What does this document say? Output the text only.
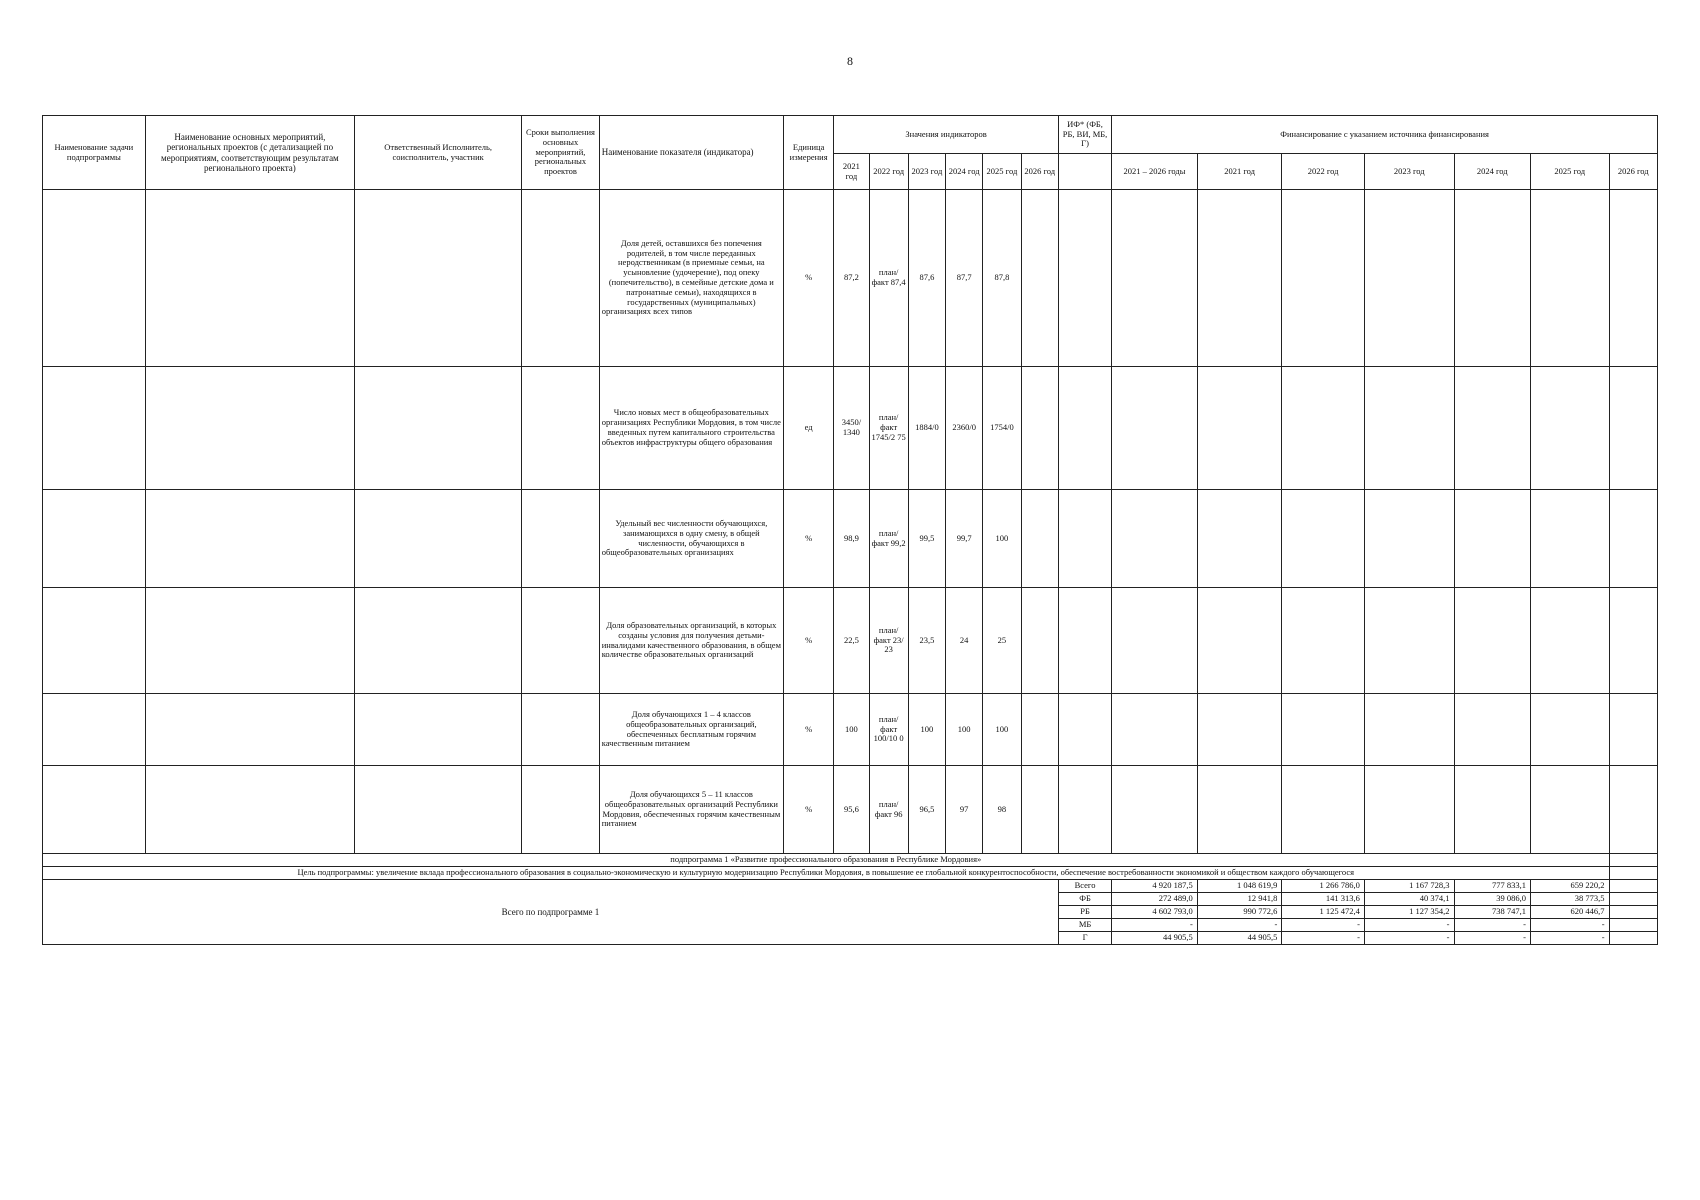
8
Наименование задачи подпрограммы	Наименование основных мероприятий, региональных проектов (с детализацией по мероприятиям, соответствующим результатам регионального проекта)	Ответственный Исполнитель, соисполнитель, участник	Сроки выполнения основных мероприятий, региональных проектов	Наименование показателя (индикатора)	Единица измерения	Значения индикаторов						ИФ* (ФБ, РБ, ВИ, МБ, Г)	Финансирование с указанием источника финансирования						
						2021 год	2022 год	2023 год	2024 год	2025 год	2026 год		2021 – 2026 годы	2021 год	2022 год	2023 год	2024 год	2025 год	2026 год
				Доля детей, оставшихся без попечения родителей, в том числе переданных неродственникам (в приемные семьи, на усыновление (удочерение), под опеку (попечительство), в семейные детские дома и патронатные семьи), находящихся в государственных (муниципальных) организациях всех типов	%	87,2	план/ факт 87,4	87,6	87,7	87,8									
				Число новых мест в общеобразовательных организациях Республики Мордовия, в том числе введенных путем капитального строительства объектов инфраструктуры общего образования	ед	3450/ 1340	план/ факт 1745/2 75	1884/0	2360/0	1754/0									
				Удельный вес численности обучающихся, занимающихся в одну смену, в общей численности, обучающихся в общеобразовательных организациях	%	98,9	план/ факт 99,2	99,5	99,7	100									
				Доля образовательных организаций, в которых созданы условия для получения детьми-инвалидами качественного образования, в общем количестве образовательных организаций	%	22,5	план/ факт 23/ 23	23,5	24	25									
				Доля обучающихся 1 – 4 классов общеобразовательных организаций, обеспеченных бесплатным горячим качественным питанием	%	100	план/ факт 100/10 0	100	100	100									
				Доля обучающихся 5 – 11 классов общеобразовательных организаций Республики Мордовия, обеспеченных горячим качественным питанием	%	95,6	план/ факт 96	96,5	97	98									
подпрограмма 1 «Развитие профессионального образования в Республике Мордовия»																			
Цель подпрограммы: увеличение вклада профессионального образования в социально-экономическую и культурную модернизацию Республики Мордовия, в повышение ее глобальной конкурентоспособности, обеспечение востребованности экономикой и обществом каждого обучающегося																			
Всего по подпрограмме 1												Всего	4 920 187,5	1 048 619,9	1 266 786,0	1 167 728,3	777 833,1	659 220,2	
												ФБ	272 489,0	12 941,8	141 313,6	40 374,1	39 086,0	38 773,5	
												РБ	4 602 793,0	990 772,6	1 125 472,4	1 127 354,2	738 747,1	620 446,7	
												МБ	-	-	-	-	-	-	
												Г	44 905,5	44 905,5	-	-	-	-	
